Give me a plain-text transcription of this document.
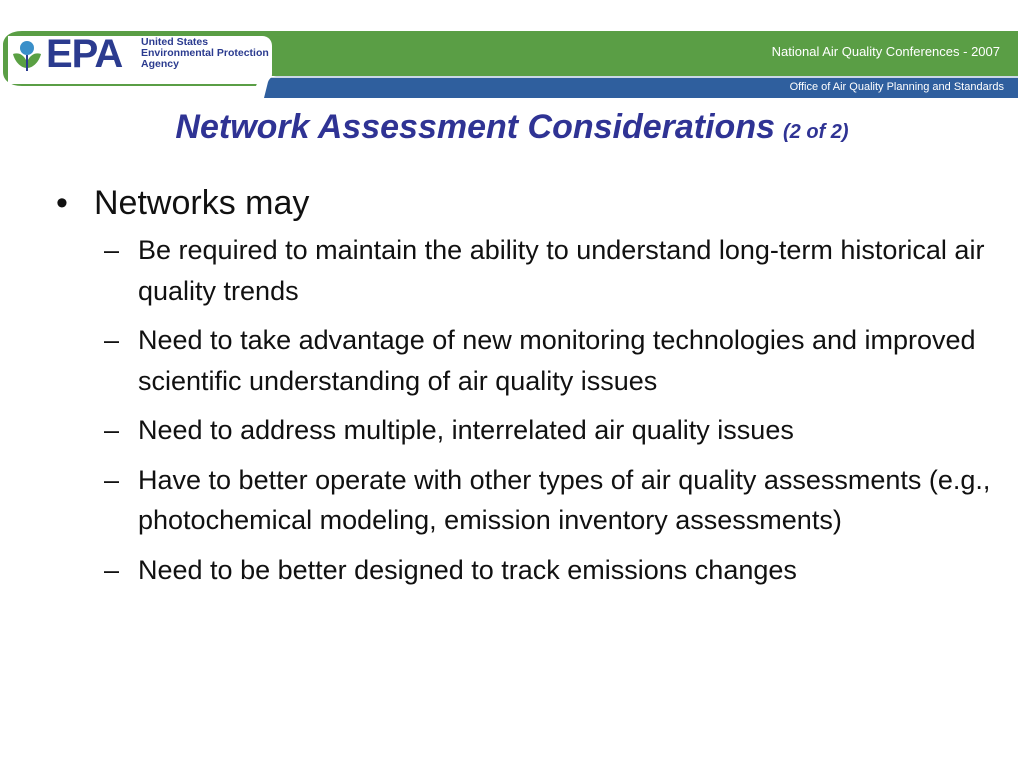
EPA United States
Environmental Protection
Agency
National Air Quality Conferences - 2007
Office of Air Quality Planning and Standards
Network Assessment Considerations (2 of 2)
• Networks may
– Be required to maintain the ability to understand long-term historical air quality trends
– Need to take advantage of new monitoring technologies and improved scientific understanding of air quality issues
– Need to address multiple, interrelated air quality issues
– Have to better operate with other types of air quality assessments (e.g., photochemical modeling, emission inventory assessments)
– Need to be better designed to track emissions changes
